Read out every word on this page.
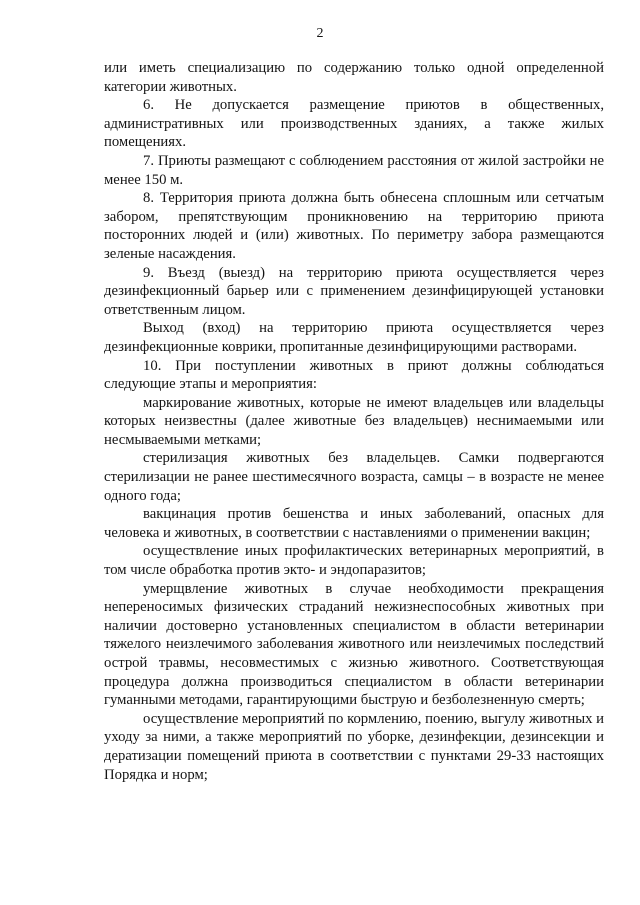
2

или иметь специализацию по содержанию только одной определенной категории животных.

6. Не допускается размещение приютов в общественных, административных или производственных зданиях, а также жилых помещениях.

7. Приюты размещают с соблюдением расстояния от жилой застройки не менее 150 м.

8. Территория приюта должна быть обнесена сплошным или сетчатым забором, препятствующим проникновению на территорию приюта посторонних людей и (или) животных. По периметру забора размещаются зеленые насаждения.

9. Въезд (выезд) на территорию приюта осуществляется через дезинфекционный барьер или с применением дезинфицирующей установки ответственным лицом.

Выход (вход) на территорию приюта осуществляется через дезинфекционные коврики, пропитанные дезинфицирующими растворами.

10. При поступлении животных в приют должны соблюдаться следующие этапы и мероприятия:

маркирование животных, которые не имеют владельцев или владельцы которых неизвестны (далее животные без владельцев) неснимаемыми или несмываемыми метками;

стерилизация животных без владельцев. Самки подвергаются стерилизации не ранее шестимесячного возраста, самцы – в возрасте не менее одного года;

вакцинация против бешенства и иных заболеваний, опасных для человека и животных, в соответствии с наставлениями о применении вакцин;

осуществление иных профилактических ветеринарных мероприятий, в том числе обработка против экто- и эндопаразитов;

умерщвление животных в случае необходимости прекращения непереносимых физических страданий нежизнеспособных животных при наличии достоверно установленных специалистом в области ветеринарии тяжелого неизлечимого заболевания животного или неизлечимых последствий острой травмы, несовместимых с жизнью животного. Соответствующая процедура должна производиться специалистом в области ветеринарии гуманными методами, гарантирующими быструю и безболезненную смерть;

осуществление мероприятий по кормлению, поению, выгулу животных и уходу за ними, а также мероприятий по уборке, дезинфекции, дезинсекции и дератизации помещений приюта в соответствии с пунктами 29-33 настоящих Порядка и норм;
